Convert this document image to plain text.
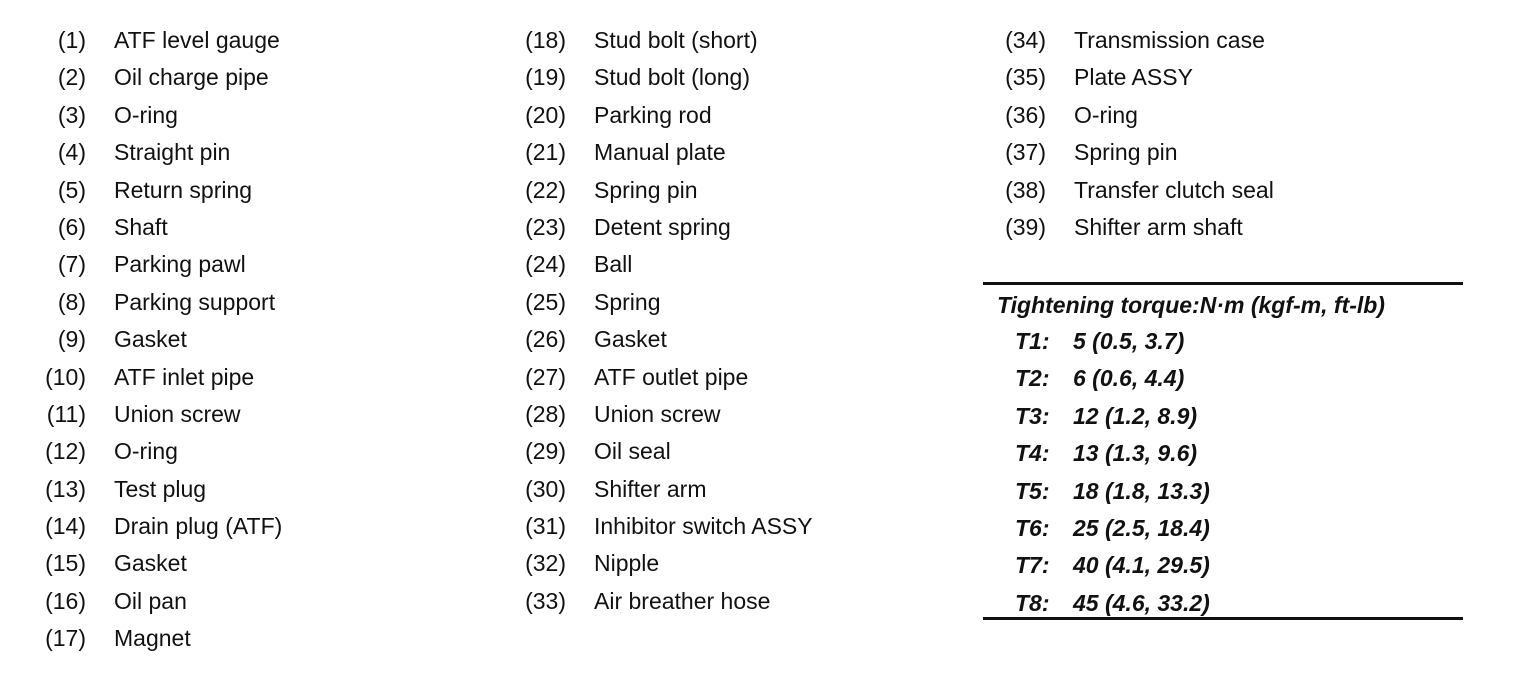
(1) ATF level gauge
(2) Oil charge pipe
(3) O-ring
(4) Straight pin
(5) Return spring
(6) Shaft
(7) Parking pawl
(8) Parking support
(9) Gasket
(10) ATF inlet pipe
(11) Union screw
(12) O-ring
(13) Test plug
(14) Drain plug (ATF)
(15) Gasket
(16) Oil pan
(17) Magnet
(18) Stud bolt (short)
(19) Stud bolt (long)
(20) Parking rod
(21) Manual plate
(22) Spring pin
(23) Detent spring
(24) Ball
(25) Spring
(26) Gasket
(27) ATF outlet pipe
(28) Union screw
(29) Oil seal
(30) Shifter arm
(31) Inhibitor switch ASSY
(32) Nipple
(33) Air breather hose
(34) Transmission case
(35) Plate ASSY
(36) O-ring
(37) Spring pin
(38) Transfer clutch seal
(39) Shifter arm shaft
Tightening torque:N·m (kgf-m, ft-lb)
T1: 5 (0.5, 3.7)
T2: 6 (0.6, 4.4)
T3: 12 (1.2, 8.9)
T4: 13 (1.3, 9.6)
T5: 18 (1.8, 13.3)
T6: 25 (2.5, 18.4)
T7: 40 (4.1, 29.5)
T8: 45 (4.6, 33.2)
